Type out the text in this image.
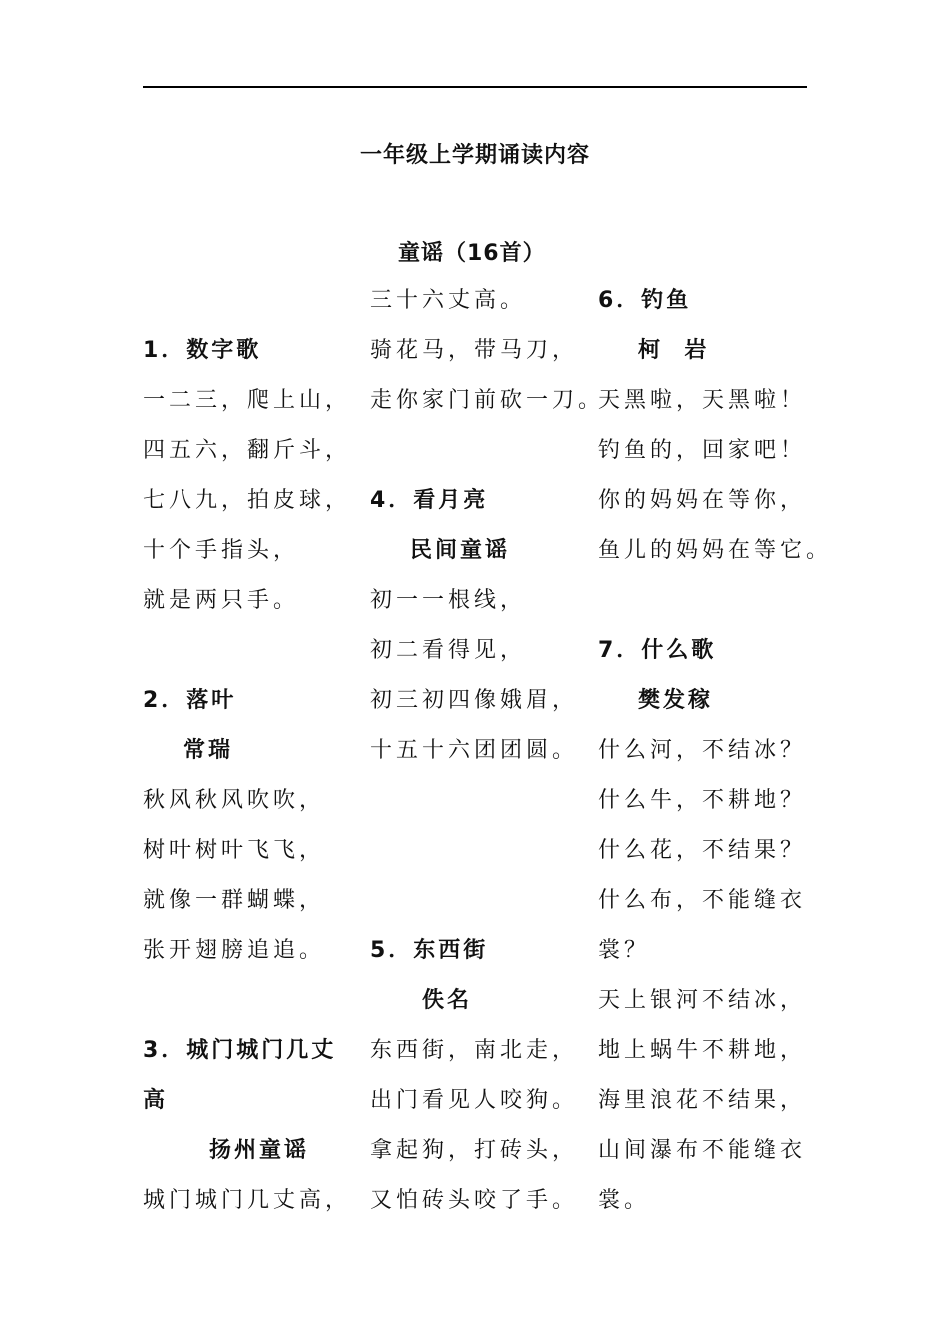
一年级上学期诵读内容
童谣（16首）
1．数字歌
一二三，爬上山，
四五六，翻斤斗，
七八九，拍皮球，
十个手指头，
就是两只手。
2．落叶
常瑞
秋风秋风吹吹，
树叶树叶飞飞，
就像一群蝴蝶，
张开翅膀追追。
3．城门城门几丈
高
扬州童谣
城门城门几丈高，
三十六丈高。
骑花马，带马刀，
走你家门前砍一刀。
4．看月亮
民间童谣
初一一根线，
初二看得见，
初三初四像娥眉，
十五十六团团圆。
5．东西街
佚名
东西街，南北走，
出门看见人咬狗。
拿起狗，打砖头，
又怕砖头咬了手。
6．钓鱼
柯  岩
天黑啦，天黑啦！
钓鱼的，回家吧！
你的妈妈在等你，
鱼儿的妈妈在等它。
7．什么歌
樊发稼
什么河，不结冰？
什么牛，不耕地？
什么花，不结果？
什么布，不能缝衣
裳？
天上银河不结冰，
地上蜗牛不耕地，
海里浪花不结果，
山间瀑布不能缝衣
裳。
